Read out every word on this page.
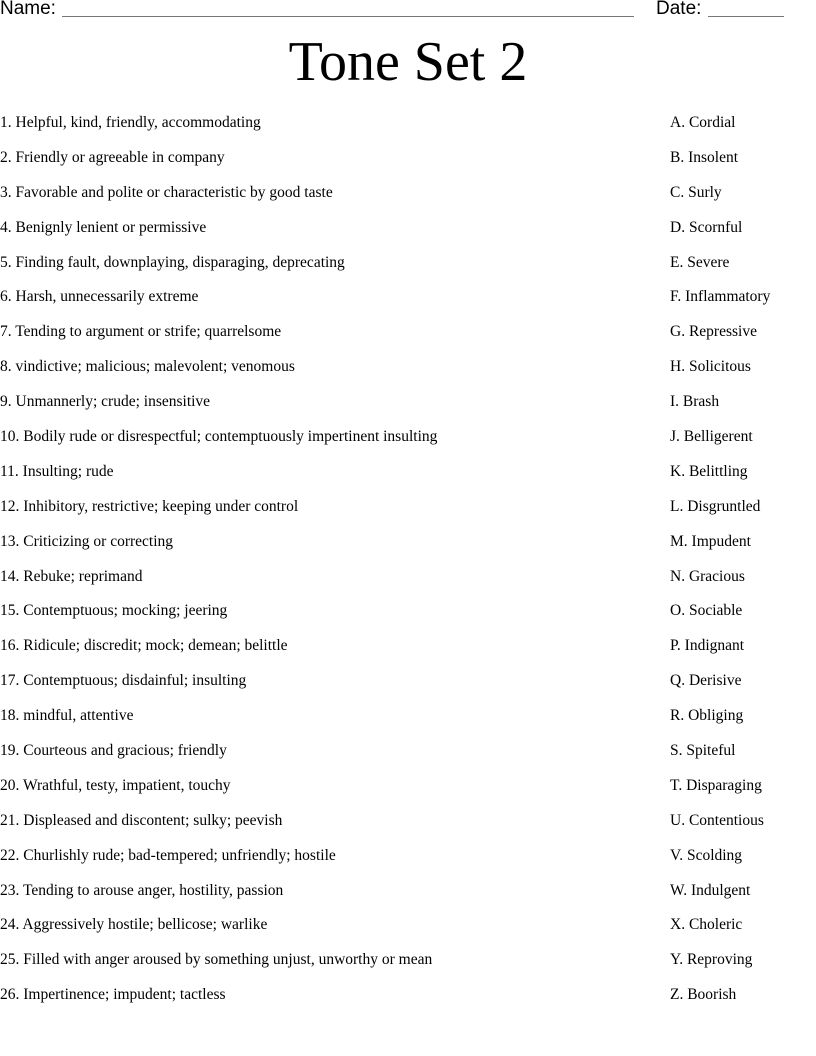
Name:	Date:
Tone Set 2
1. Helpful, kind, friendly, accommodating
2. Friendly or agreeable in company
3. Favorable and polite or characteristic by good taste
4. Benignly lenient or permissive
5. Finding fault, downplaying, disparaging, deprecating
6. Harsh, unnecessarily extreme
7. Tending to argument or strife; quarrelsome
8. vindictive; malicious; malevolent; venomous
9. Unmannerly; crude; insensitive
10. Bodily rude or disrespectful; contemptuously impertinent insulting
11. Insulting; rude
12. Inhibitory, restrictive; keeping under control
13. Criticizing or correcting
14. Rebuke; reprimand
15. Contemptuous; mocking; jeering
16. Ridicule; discredit; mock; demean; belittle
17. Contemptuous; disdainful; insulting
18. mindful, attentive
19. Courteous and gracious; friendly
20. Wrathful, testy, impatient, touchy
21. Displeased and discontent; sulky; peevish
22. Churlishly rude; bad-tempered; unfriendly; hostile
23. Tending to arouse anger, hostility, passion
24. Aggressively hostile; bellicose; warlike
25. Filled with anger aroused by something unjust, unworthy or mean
26. Impertinence; impudent; tactless
A. Cordial
B. Insolent
C. Surly
D. Scornful
E. Severe
F. Inflammatory
G. Repressive
H. Solicitous
I. Brash
J. Belligerent
K. Belittling
L. Disgruntled
M. Impudent
N. Gracious
O. Sociable
P. Indignant
Q. Derisive
R. Obliging
S. Spiteful
T. Disparaging
U. Contentious
V. Scolding
W. Indulgent
X. Choleric
Y. Reproving
Z. Boorish
